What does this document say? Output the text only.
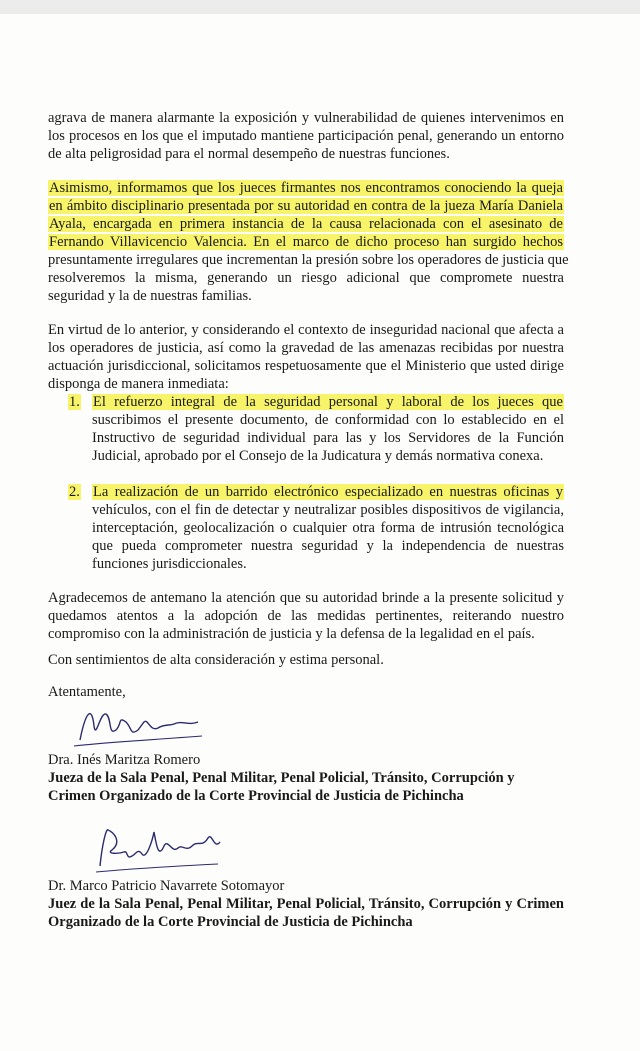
agrava de manera alarmante la exposición y vulnerabilidad de quienes intervenimos en
los procesos en los que el imputado mantiene participación penal, generando un entorno
de alta peligrosidad para el normal desempeño de nuestras funciones.
Asimismo, informamos que los jueces firmantes nos encontramos conociendo la queja
en ámbito disciplinario presentada por su autoridad en contra de la jueza María Daniela
Ayala, encargada en primera instancia de la causa relacionada con el asesinato de
Fernando Villavicencio Valencia. En el marco de dicho proceso han surgido hechos
presuntamente irregulares que incrementan la presión sobre los operadores de justicia que
resolveremos la misma, generando un riesgo adicional que compromete nuestra
seguridad y la de nuestras familias.
En virtud de lo anterior, y considerando el contexto de inseguridad nacional que afecta a
los operadores de justicia, así como la gravedad de las amenazas recibidas por nuestra
actuación jurisdiccional, solicitamos respetuosamente que el Ministerio que usted dirige
disponga de manera inmediata:
1. El refuerzo integral de la seguridad personal y laboral de los jueces que
suscribimos el presente documento, de conformidad con lo establecido en el
Instructivo de seguridad individual para las y los Servidores de la Función
Judicial, aprobado por el Consejo de la Judicatura y demás normativa conexa.
2. La realización de un barrido electrónico especializado en nuestras oficinas y
vehículos, con el fin de detectar y neutralizar posibles dispositivos de vigilancia,
interceptación, geolocalización o cualquier otra forma de intrusión tecnológica
que pueda comprometer nuestra seguridad y la independencia de nuestras
funciones jurisdiccionales.
Agradecemos de antemano la atención que su autoridad brinde a la presente solicitud y
quedamos atentos a la adopción de las medidas pertinentes, reiterando nuestro
compromiso con la administración de justicia y la defensa de la legalidad en el país.
Con sentimientos de alta consideración y estima personal.
Atentamente,
Dra. Inés Maritza Romero
Jueza de la Sala Penal, Penal Militar, Penal Policial, Tránsito, Corrupción y
Crimen Organizado de la Corte Provincial de Justicia de Pichincha
Dr. Marco Patricio Navarrete Sotomayor
Juez de la Sala Penal, Penal Militar, Penal Policial, Tránsito, Corrupción y Crimen
Organizado de la Corte Provincial de Justicia de Pichincha
